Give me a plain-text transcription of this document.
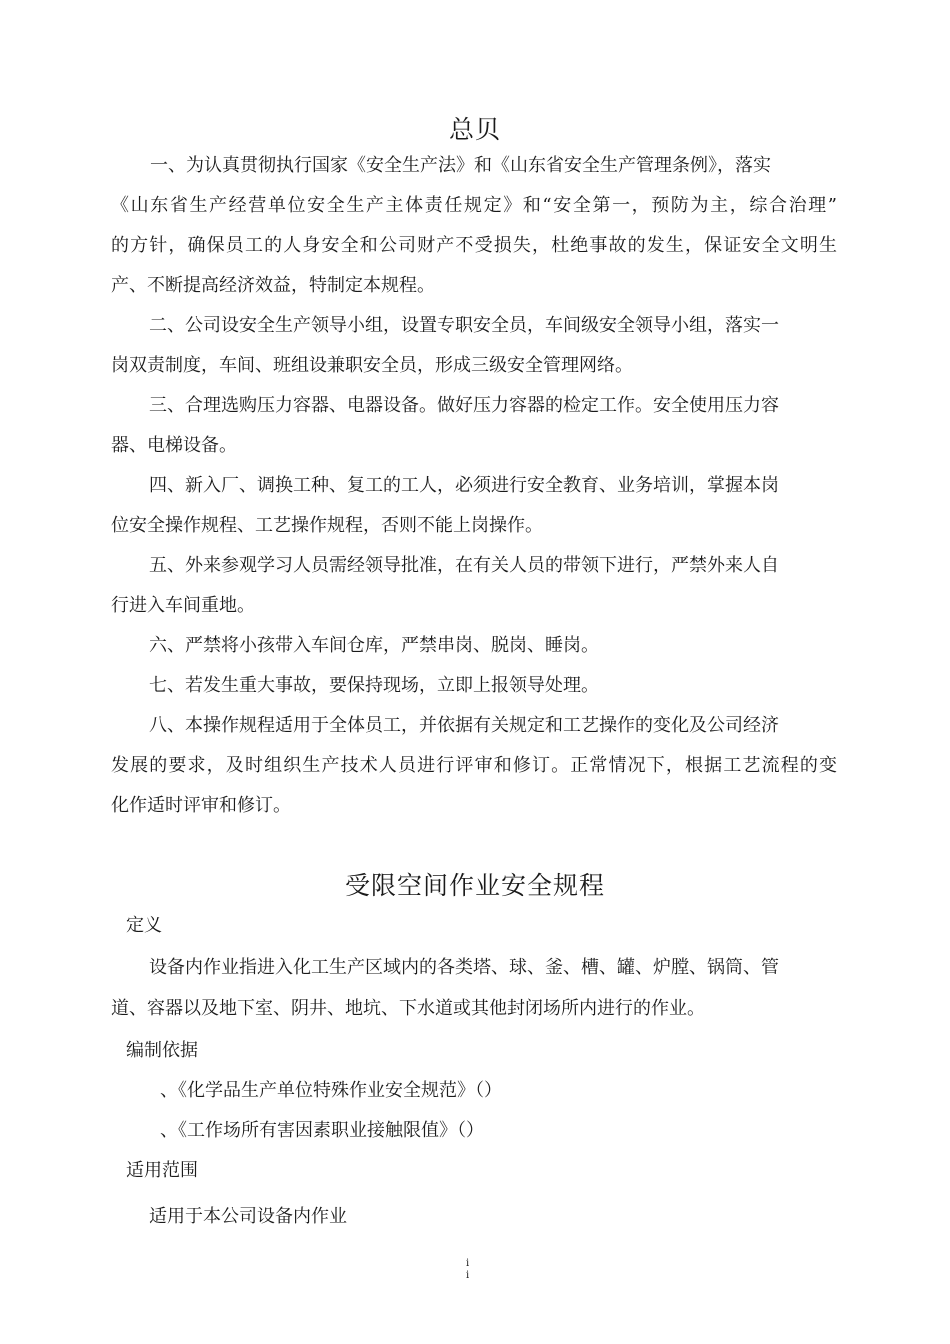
总贝
一、为认真贯彻执行国家《安全生产法》和《山东省安全生产管理条例》，落实
《山东省生产经营单位安全生产主体责任规定》和“安全第一，预防为主，综合治理”
的方针，确保员工的人身安全和公司财产不受损失，杜绝事故的发生，保证安全文明生
产、不断提高经济效益，特制定本规程。
二、公司设安全生产领导小组，设置专职安全员，车间级安全领导小组，落实一
岗双责制度，车间、班组设兼职安全员，形成三级安全管理网络。
三、合理选购压力容器、电器设备。做好压力容器的检定工作。安全使用压力容
器、电梯设备。
四、新入厂、调换工种、复工的工人，必须进行安全教育、业务培训，掌握本岗
位安全操作规程、工艺操作规程，否则不能上岗操作。
五、外来参观学习人员需经领导批准，在有关人员的带领下进行，严禁外来人自
行进入车间重地。
六、严禁将小孩带入车间仓库，严禁串岗、脱岗、睡岗。
七、若发生重大事故，要保持现场，立即上报领导处理。
八、本操作规程适用于全体员工，并依据有关规定和工艺操作的变化及公司经济
发展的要求，及时组织生产技术人员进行评审和修订。正常情况下，根据工艺流程的变
化作适时评审和修订。
受限空间作业安全规程
定义
设备内作业指进入化工生产区域内的各类塔、球、釜、槽、罐、炉膛、锅筒、管
道、容器以及地下室、阴井、地坑、下水道或其他封闭场所内进行的作业。
编制依据
、《化学品生产单位特殊作业安全规范》（）
、《工作场所有害因素职业接触限值》（）
适用范围
适用于本公司设备内作业
i
i
